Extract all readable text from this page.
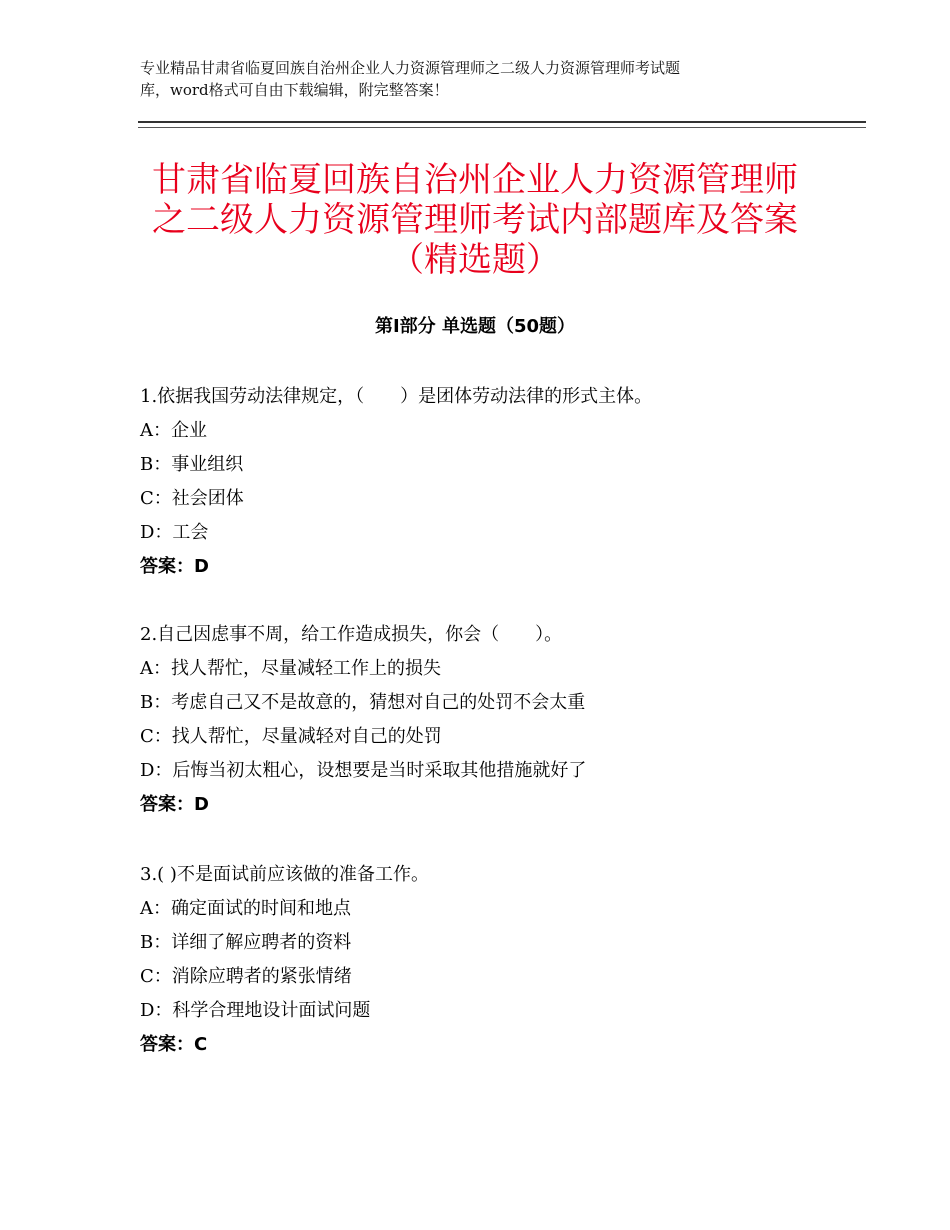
专业精品甘肃省临夏回族自治州企业人力资源管理师之二级人力资源管理师考试题
库，word格式可自由下载编辑，附完整答案！
甘肃省临夏回族自治州企业人力资源管理师
之二级人力资源管理师考试内部题库及答案
（精选题）
第Ⅰ部分 单选题（50题）
1.依据我国劳动法律规定，（　　）是团体劳动法律的形式主体。
A：企业
B：事业组织
C：社会团体
D：工会
答案：D
2.自己因虑事不周，给工作造成损失，你会（　　）。
A：找人帮忙，尽量减轻工作上的损失
B：考虑自己又不是故意的，猜想对自己的处罚不会太重
C：找人帮忙，尽量减轻对自己的处罚
D：后悔当初太粗心，设想要是当时采取其他措施就好了
答案：D
3.( )不是面试前应该做的准备工作。
A：确定面试的时间和地点
B：详细了解应聘者的资料
C：消除应聘者的紧张情绪
D：科学合理地设计面试问题
答案：C
